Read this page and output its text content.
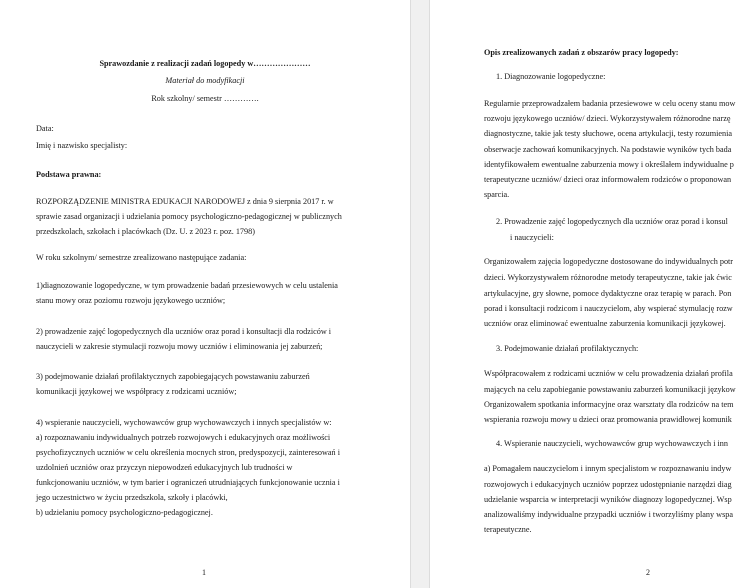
Sprawozdanie z realizacji zadań logopedy w…………………
Materiał do modyfikacji
Rok szkolny/ semestr ………….
Data:
Imię i nazwisko specjalisty:
Podstawa prawna:
ROZPORZĄDZENIE MINISTRA EDUKACJI NARODOWEJ z dnia 9 sierpnia 2017 r. w
sprawie zasad organizacji i udzielania pomocy psychologiczno-pedagogicznej w publicznych
przedszkolach, szkołach i placówkach (Dz. U. z 2023 r. poz. 1798)
W roku szkolnym/ semestrze zrealizowano następujące zadania:
1)diagnozowanie logopedyczne, w tym prowadzenie badań przesiewowych w celu ustalenia
stanu mowy oraz poziomu rozwoju językowego uczniów;
2) prowadzenie zajęć logopedycznych dla uczniów oraz porad i konsultacji dla rodziców i
nauczycieli w zakresie stymulacji rozwoju mowy uczniów i eliminowania jej zaburzeń;
3) podejmowanie działań profilaktycznych zapobiegających powstawaniu zaburzeń
komunikacji językowej we współpracy z rodzicami uczniów;
4) wspieranie nauczycieli, wychowawców grup wychowawczych i innych specjalistów w:
a) rozpoznawaniu indywidualnych potrzeb rozwojowych i edukacyjnych oraz możliwości
psychofizycznych uczniów w celu określenia mocnych stron, predyspozycji, zainteresowań i
uzdolnień uczniów oraz przyczyn niepowodzeń edukacyjnych lub trudności w
funkcjonowaniu uczniów, w tym barier i ograniczeń utrudniających funkcjonowanie ucznia i
jego uczestnictwo w życiu przedszkola, szkoły i placówki,
b) udzielaniu pomocy psychologiczno-pedagogicznej.
1
Opis zrealizowanych zadań z obszarów pracy logopedy:
1. Diagnozowanie logopedyczne:
Regularnie przeprowadzałem badania przesiewowe w celu oceny stanu mow
rozwoju językowego uczniów/ dzieci. Wykorzystywałem różnorodne narzę
diagnostyczne, takie jak testy słuchowe, ocena artykulacji, testy rozumienia
obserwacje zachowań komunikacyjnych. Na podstawie wyników tych bada
identyfikowałem ewentualne zaburzenia mowy i określałem indywidualne p
terapeutyczne uczniów/ dzieci oraz informowałem rodziców o proponowan
sparcia.
2. Prowadzenie zajęć logopedycznych dla uczniów oraz porad i konsul
i nauczycieli:
Organizowałem zajęcia logopedyczne dostosowane do indywidualnych potr
dzieci. Wykorzystywałem różnorodne metody terapeutyczne, takie jak ćwic
artykulacyjne, gry słowne, pomoce dydaktyczne oraz terapię w parach. Pon
porad i konsultacji rodzicom i nauczycielom, aby wspierać stymulację rozw
uczniów oraz eliminować ewentualne zaburzenia komunikacji językowej.
3. Podejmowanie działań profilaktycznych:
Współpracowałem z rodzicami uczniów w celu prowadzenia działań profila
mających na celu zapobieganie powstawaniu zaburzeń komunikacji językow
Organizowałem spotkania informacyjne oraz warsztaty dla rodziców na tem
wspierania rozwoju mowy u dzieci oraz promowania prawidłowej komunik
4. Wspieranie nauczycieli, wychowawców grup wychowawczych i inn
a) Pomagałem nauczycielom i innym specjalistom w rozpoznawaniu indyw
rozwojowych i edukacyjnych uczniów poprzez udostępnianie narzędzi diag
udzielanie wsparcia w interpretacji wyników diagnozy logopedycznej. Wsp
analizowaliśmy indywidualne przypadki uczniów i tworzyliśmy plany wspa
terapeutyczne.
2
